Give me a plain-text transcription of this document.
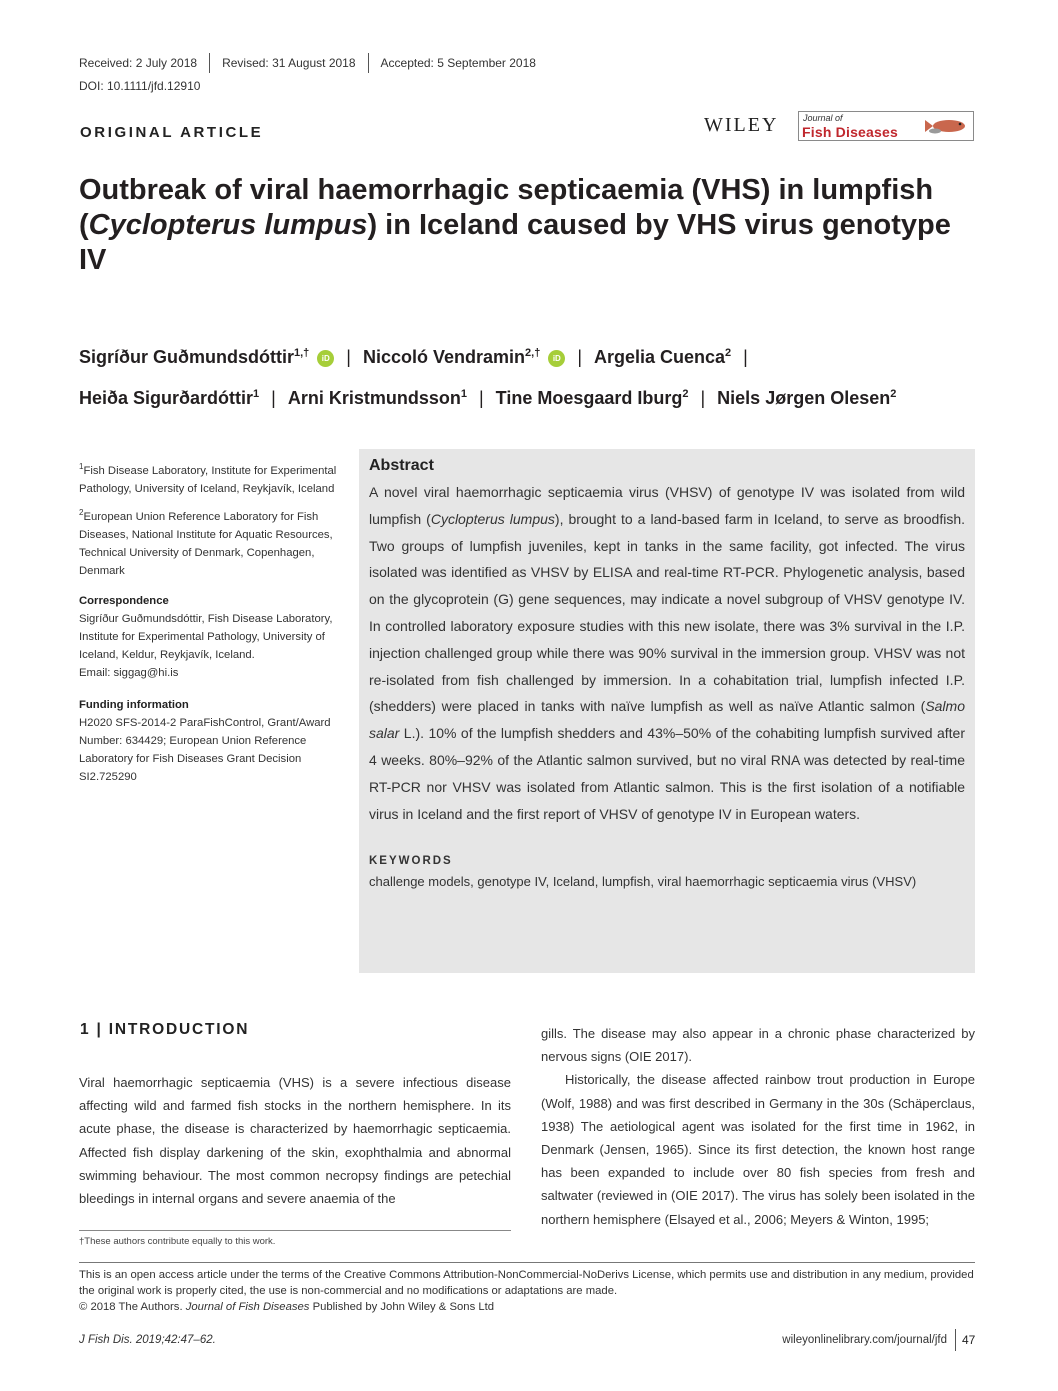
Received: 2 July 2018 Revised: 31 August 2018 Accepted: 5 September 2018
DOI: 10.1111/jfd.12910
ORIGINAL ARTICLE	WILEY	Journal of
Fish Diseases
Outbreak of viral haemorrhagic septicaemia (VHS) in lumpfish (Cyclopterus lumpus) in Iceland caused by VHS virus genotype IV
Sigríður Guðmundsdóttir$^{1,\dagger}$ iD | Niccoló Vendramin$^{2,\dagger}$ iD | Argelia Cuenca$^2$ |
Heiða Sigurðardóttir$^1$ | Arni Kristmundsson$^1$ | Tine Moesgaard Iburg$^2$ | Niels Jørgen Olesen$^2$

$^1$Fish Disease Laboratory, Institute for Experimental Pathology, University of Iceland, Reykjavík, Iceland

$^2$European Union Reference Laboratory for Fish Diseases, National Institute for Aquatic Resources, Technical University of Denmark, Copenhagen, Denmark

Correspondence

Sigríður Guðmundsdóttir, Fish Disease Laboratory, Institute for Experimental Pathology, University of Iceland, Keldur, Reykjavík, Iceland.
Email: siggag@hi.is

Funding information

H2020 SFS-2014-2 ParaFishControl, Grant/Award Number: 634429; European Union Reference Laboratory for Fish Diseases Grant Decision SI2.725290

Abstract

A novel viral haemorrhagic septicaemia virus (VHSV) of genotype IV was isolated from wild lumpfish (Cyclopterus lumpus), brought to a land-based farm in Iceland, to serve as broodfish. Two groups of lumpfish juveniles, kept in tanks in the same facility, got infected. The virus isolated was identified as VHSV by ELISA and real-time RT-PCR. Phylogenetic analysis, based on the glycoprotein (G) gene sequences, may indicate a novel subgroup of VHSV genotype IV. In controlled laboratory exposure studies with this new isolate, there was 3% survival in the I.P. injection challenged group while there was 90% survival in the immersion group. VHSV was not re-isolated from fish challenged by immersion. In a cohabitation trial, lumpfish infected I.P. (shedders) were placed in tanks with naïve lumpfish as well as naïve Atlantic salmon (Salmo salar L.). 10% of the lumpfish shedders and 43%–50% of the cohabiting lumpfish survived after 4 weeks. 80%–92% of the Atlantic salmon survived, but no viral RNA was detected by real-time RT-PCR nor VHSV was isolated from Atlantic salmon. This is the first isolation of a notifiable virus in Iceland and the first report of VHSV of genotype IV in European waters.

KEYWORDS
challenge models, genotype IV, Iceland, lumpfish, viral haemorrhagic septicaemia virus (VHSV)
1 | INTRODUCTION

Viral haemorrhagic septicaemia (VHS) is a severe infectious disease affecting wild and farmed fish stocks in the northern hemisphere. In its acute phase, the disease is characterized by haemorrhagic septicaemia. Affected fish display darkening of the skin, exophthalmia and abnormal swimming behaviour. The most common necropsy findings are petechial bleedings in internal organs and severe anaemia of the

gills. The disease may also appear in a chronic phase characterized by nervous signs (OIE 2017).

Historically, the disease affected rainbow trout production in Europe (Wolf, 1988) and was first described in Germany in the 30s (Schäperclaus, 1938) The aetiological agent was isolated for the first time in 1962, in Denmark (Jensen, 1965). Since its first detection, the known host range has been expanded to include over 80 fish species from fresh and saltwater (reviewed in (OIE 2017). The virus has solely been isolated in the northern hemisphere (Elsayed et al., 2006; Meyers & Winton, 1995;

†These authors contribute equally to this work.
This is an open access article under the terms of the Creative Commons Attribution-NonCommercial-NoDerivs License, which permits use and distribution in any medium, provided the original work is properly cited, the use is non-commercial and no modifications or adaptations are made.
© 2018 The Authors. Journal of Fish Diseases Published by John Wiley & Sons Ltd
J Fish Dis. 2019;42:47–62.	wileyonlinelibrary.com/journal/jfd 47
